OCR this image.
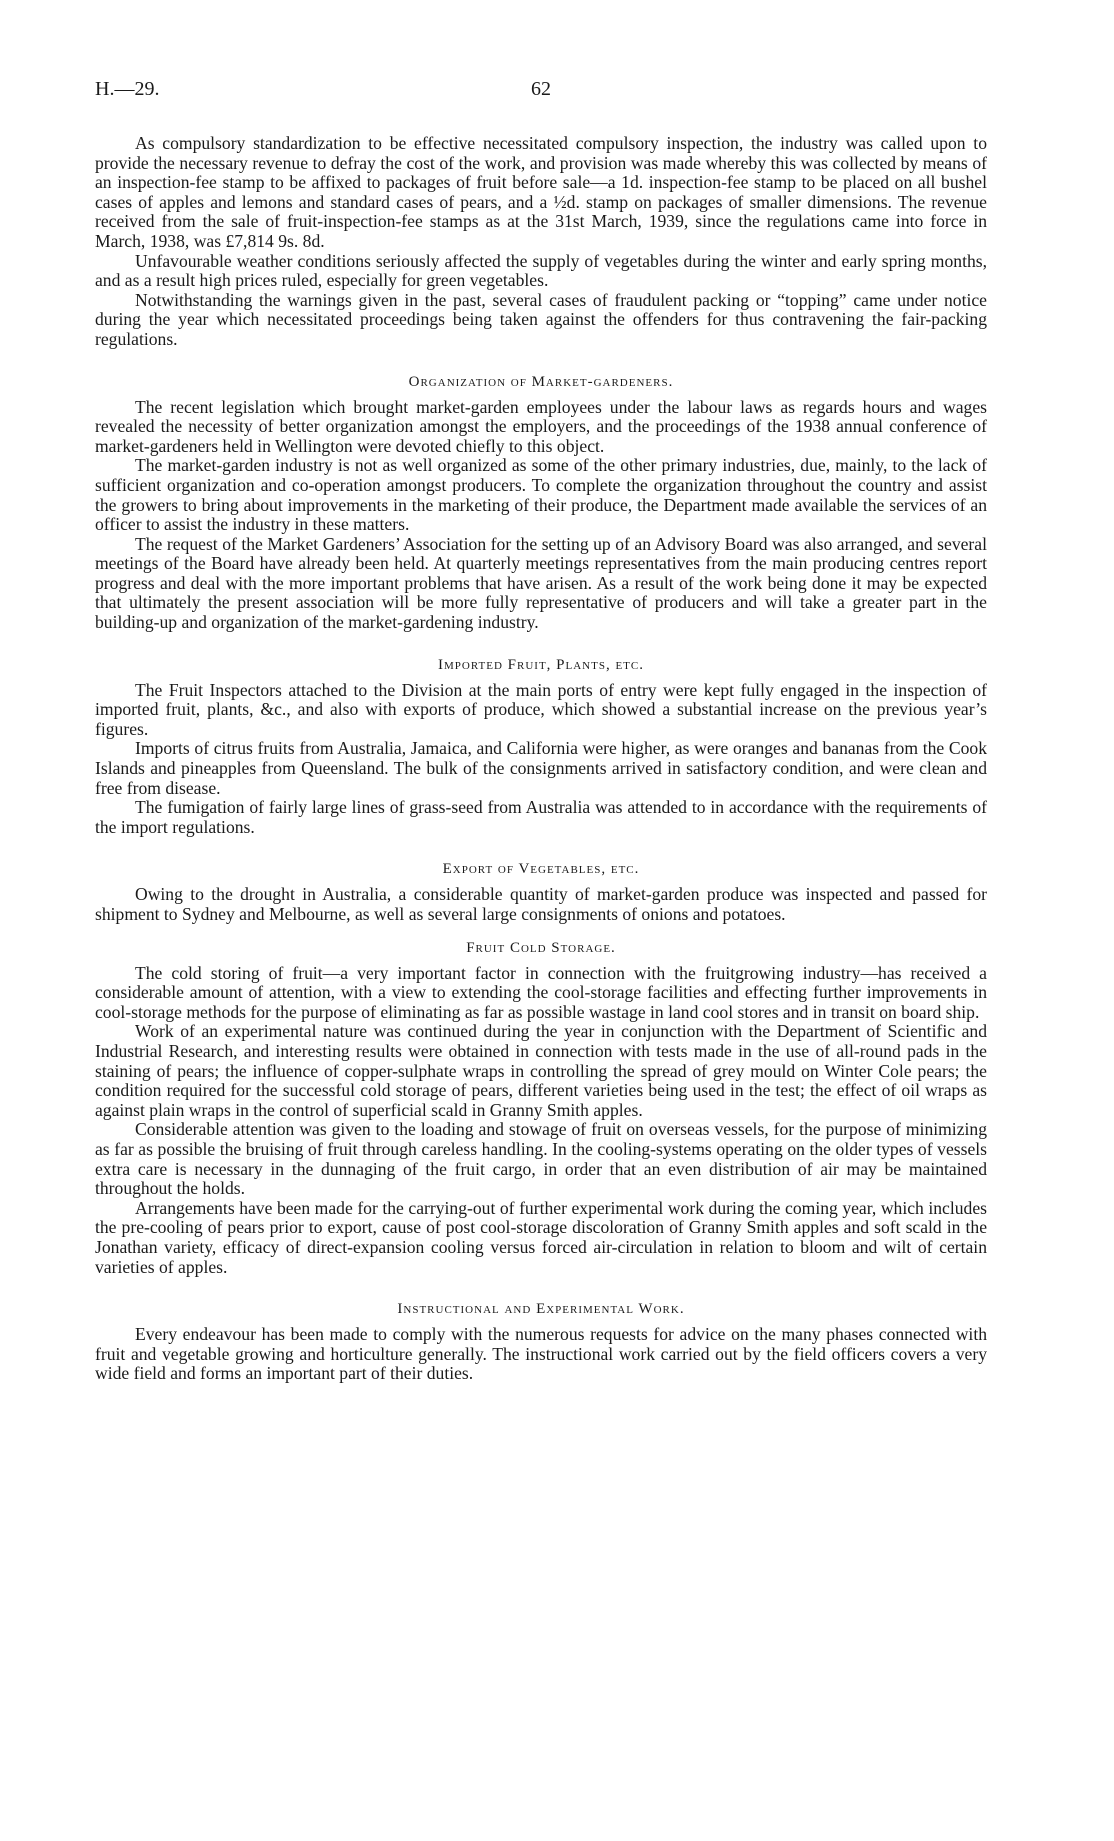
H.—29.	62

As compulsory standardization to be effective necessitated compulsory inspection, the industry was called upon to provide the necessary revenue to defray the cost of the work, and provision was made whereby this was collected by means of an inspection-fee stamp to be affixed to packages of fruit before sale—a 1d. inspection-fee stamp to be placed on all bushel cases of apples and lemons and standard cases of pears, and a ½d. stamp on packages of smaller dimensions. The revenue received from the sale of fruit-inspection-fee stamps as at the 31st March, 1939, since the regulations came into force in March, 1938, was £7,814 9s. 8d.

Unfavourable weather conditions seriously affected the supply of vegetables during the winter and early spring months, and as a result high prices ruled, especially for green vegetables.

Notwithstanding the warnings given in the past, several cases of fraudulent packing or “topping” came under notice during the year which necessitated proceedings being taken against the offenders for thus contravening the fair-packing regulations.

Organization of Market-gardeners.

The recent legislation which brought market-garden employees under the labour laws as regards hours and wages revealed the necessity of better organization amongst the employers, and the proceedings of the 1938 annual conference of market-gardeners held in Wellington were devoted chiefly to this object.

The market-garden industry is not as well organized as some of the other primary industries, due, mainly, to the lack of sufficient organization and co-operation amongst producers. To complete the organization throughout the country and assist the growers to bring about improvements in the marketing of their produce, the Department made available the services of an officer to assist the industry in these matters.

The request of the Market Gardeners’ Association for the setting up of an Advisory Board was also arranged, and several meetings of the Board have already been held. At quarterly meetings representatives from the main producing centres report progress and deal with the more important problems that have arisen. As a result of the work being done it may be expected that ultimately the present association will be more fully representative of producers and will take a greater part in the building-up and organization of the market-gardening industry.

Imported Fruit, Plants, etc.

The Fruit Inspectors attached to the Division at the main ports of entry were kept fully engaged in the inspection of imported fruit, plants, &c., and also with exports of produce, which showed a substantial increase on the previous year’s figures.

Imports of citrus fruits from Australia, Jamaica, and California were higher, as were oranges and bananas from the Cook Islands and pineapples from Queensland. The bulk of the consignments arrived in satisfactory condition, and were clean and free from disease.

The fumigation of fairly large lines of grass-seed from Australia was attended to in accordance with the requirements of the import regulations.

Export of Vegetables, etc.

Owing to the drought in Australia, a considerable quantity of market-garden produce was inspected and passed for shipment to Sydney and Melbourne, as well as several large consignments of onions and potatoes.

Fruit Cold Storage.

The cold storing of fruit—a very important factor in connection with the fruitgrowing industry—has received a considerable amount of attention, with a view to extending the cool-storage facilities and effecting further improvements in cool-storage methods for the purpose of eliminating as far as possible wastage in land cool stores and in transit on board ship.

Work of an experimental nature was continued during the year in conjunction with the Department of Scientific and Industrial Research, and interesting results were obtained in connection with tests made in the use of all-round pads in the staining of pears; the influence of copper-sulphate wraps in controlling the spread of grey mould on Winter Cole pears; the condition required for the successful cold storage of pears, different varieties being used in the test; the effect of oil wraps as against plain wraps in the control of superficial scald in Granny Smith apples.

Considerable attention was given to the loading and stowage of fruit on overseas vessels, for the purpose of minimizing as far as possible the bruising of fruit through careless handling. In the cooling-systems operating on the older types of vessels extra care is necessary in the dunnaging of the fruit cargo, in order that an even distribution of air may be maintained throughout the holds.

Arrangements have been made for the carrying-out of further experimental work during the coming year, which includes the pre-cooling of pears prior to export, cause of post cool-storage discoloration of Granny Smith apples and soft scald in the Jonathan variety, efficacy of direct-expansion cooling versus forced air-circulation in relation to bloom and wilt of certain varieties of apples.

Instructional and Experimental Work.

Every endeavour has been made to comply with the numerous requests for advice on the many phases connected with fruit and vegetable growing and horticulture generally. The instructional work carried out by the field officers covers a very wide field and forms an important part of their duties.
